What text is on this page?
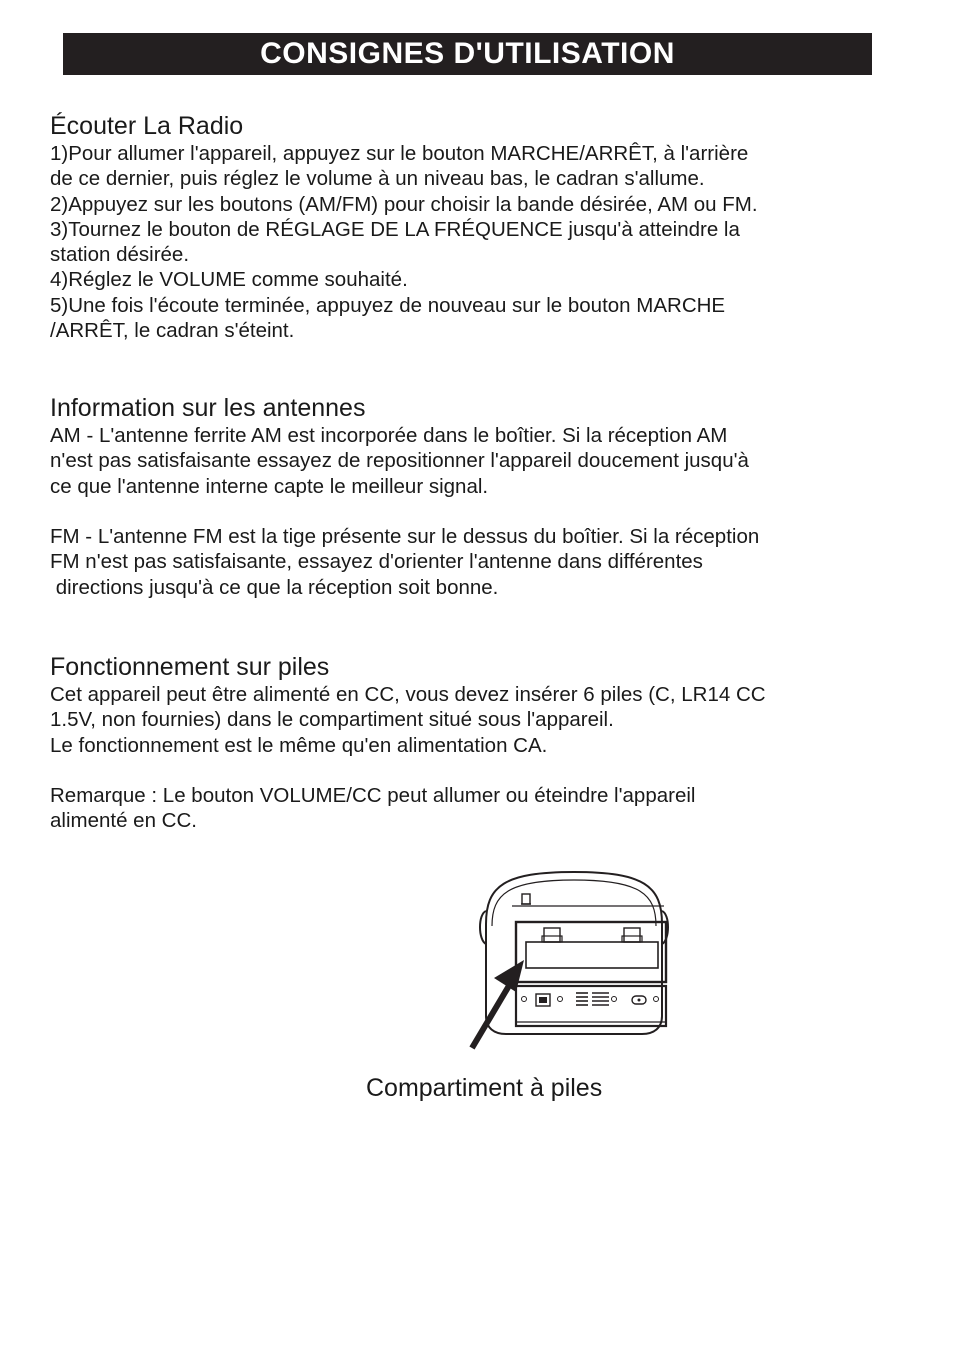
CONSIGNES D'UTILISATION
Écouter La Radio
1)Pour allumer l'appareil, appuyez sur le bouton MARCHE/ARRÊT, à l'arrière
de ce dernier, puis réglez le volume à un niveau bas, le cadran s'allume.
2)Appuyez sur les boutons (AM/FM) pour choisir la bande désirée, AM ou FM.
3)Tournez le bouton de RÉGLAGE DE LA FRÉQUENCE jusqu'à atteindre la
station désirée.
4)Réglez le VOLUME comme souhaité.
5)Une fois l'écoute terminée, appuyez de nouveau sur le bouton MARCHE
/ARRÊT, le cadran s'éteint.
Information sur les antennes
AM - L'antenne ferrite AM est incorporée dans le boîtier. Si la réception AM
n'est pas satisfaisante essayez de repositionner l'appareil doucement jusqu'à
ce que l'antenne interne capte le meilleur signal.
FM - L'antenne FM est la tige présente sur le dessus du boîtier. Si la réception
FM n'est pas satisfaisante, essayez d'orienter l'antenne dans différentes
directions jusqu'à ce que la réception soit bonne.
Fonctionnement sur piles
Cet appareil peut être alimenté en CC, vous devez insérer 6 piles (C, LR14 CC
1.5V, non fournies) dans le compartiment situé sous l'appareil.
Le fonctionnement est le même qu'en alimentation CA.
Remarque : Le bouton VOLUME/CC peut allumer ou éteindre l'appareil
alimenté en CC.
Compartiment à piles
